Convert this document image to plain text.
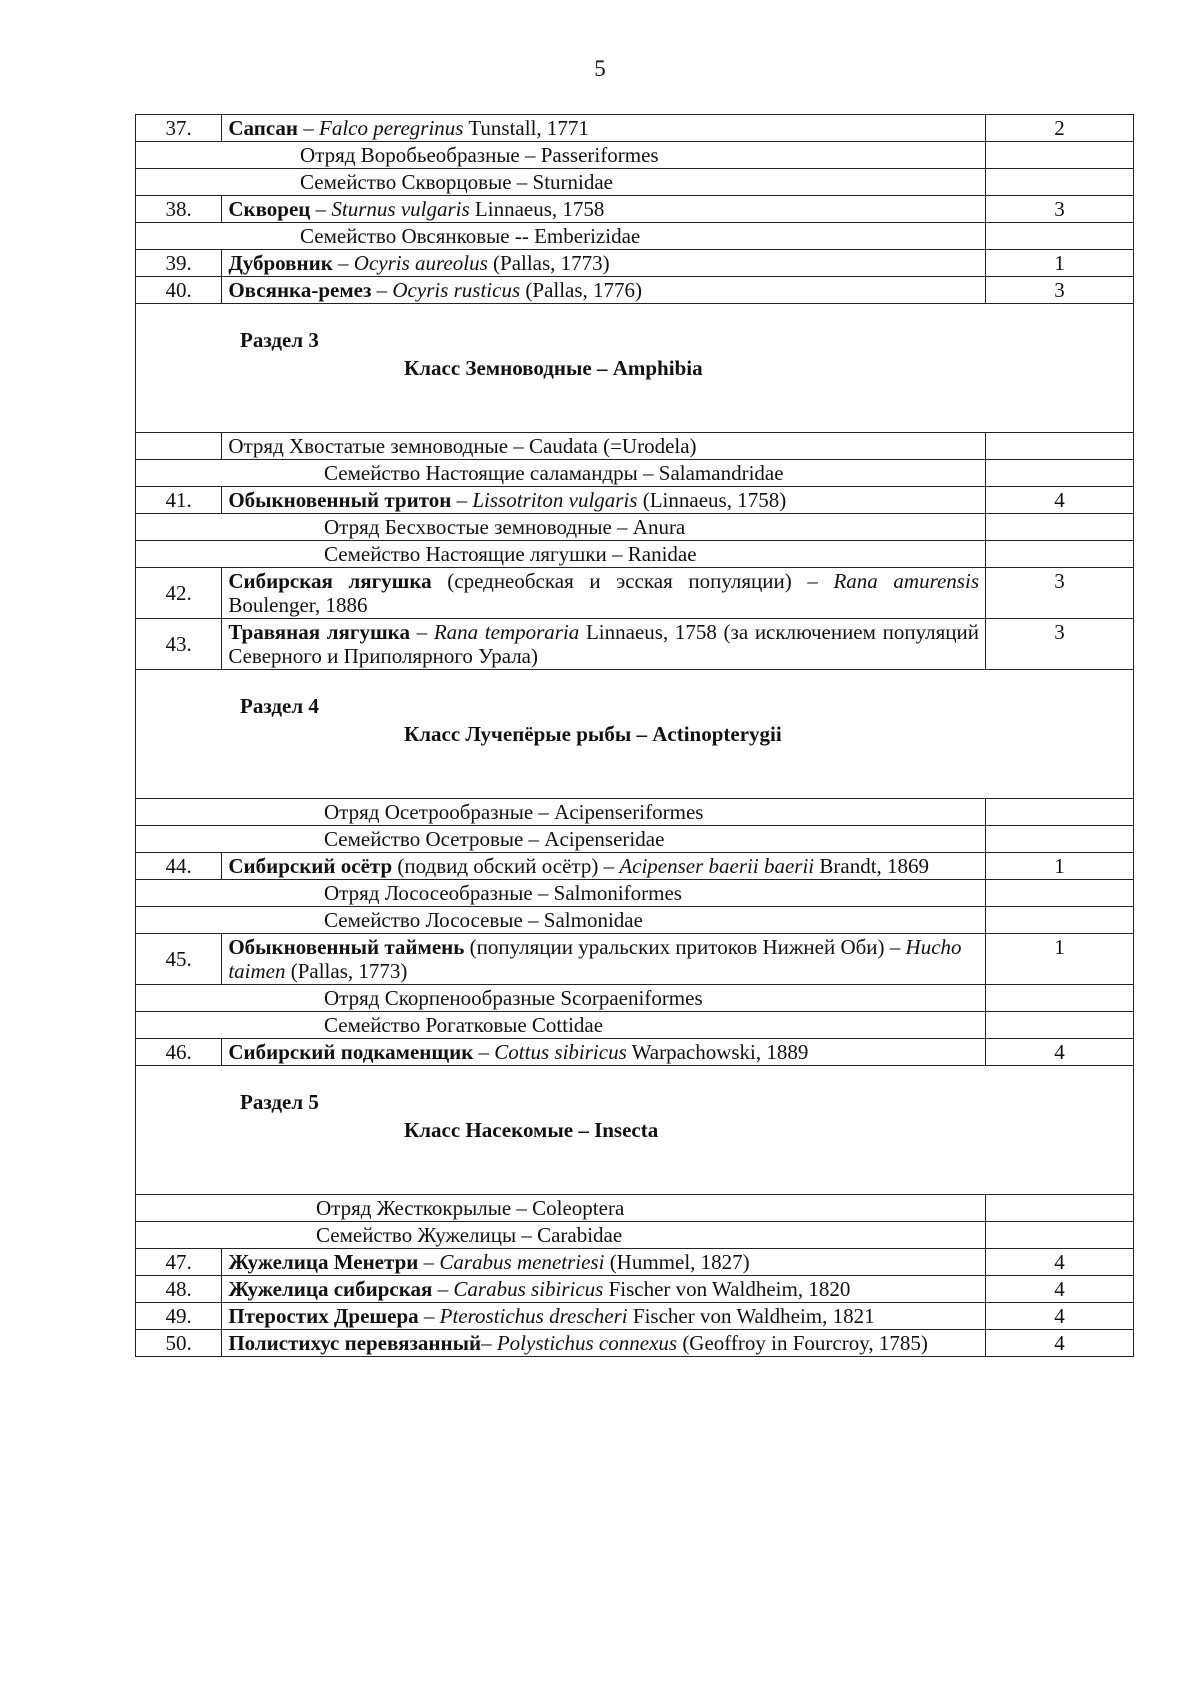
5
37.	Сапсан – Falco peregrinus Tunstall, 1771	2
Отряд Воробьеобразные – Passeriformes		
Семейство Скворцовые – Sturnidae		
38.	Скворец – Sturnus vulgaris Linnaeus, 1758	3
Семейство Овсянковые -- Emberizidae		
39.	Дубровник – Ocyris aureolus (Pallas, 1773)	1
40.	Овсянка-ремез – Ocyris rusticus (Pallas, 1776)	3

Раздел 3
Класс Земноводные – Amphibia		

	Отряд Хвостатые земноводные – Caudata (=Urodela)	
Семейство Настоящие саламандры – Salamandridae		
41.	Обыкновенный тритон – Lissotriton vulgaris (Linnaeus, 1758)	4
Отряд Бесхвостые земноводные – Anura		
Семейство Настоящие лягушки – Ranidae		
42.	Сибирская лягушка (среднеобская и эсская популяции) – Rana amurensis Boulenger, 1886	3
43.	Травяная лягушка – Rana temporaria Linnaeus, 1758 (за исключением популяций Северного и Приполярного Урала)	3

Раздел 4
Класс Лучепёрые рыбы – Actinopterygii		

Отряд Осетрообразные – Acipenseriformes		
Семейство Осетровые – Acipenseridae		
44.	Сибирский осётр (подвид обский осётр) – Acipenser baerii baerii Brandt, 1869	1
Отряд Лососеобразные – Salmoniformes		
Семейство Лососевые – Salmonidae		
45.	Обыкновенный таймень (популяции уральских притоков Нижней Оби) – Hucho taimen (Pallas, 1773)	1
Отряд Скорпенообразные Scorpaeniformes		
Семейство Рогатковые Cottidae		
46.	Сибирский подкаменщик – Cottus sibiricus Warpachowski, 1889	4

Раздел 5
Класс Насекомые – Insecta		

Отряд Жесткокрылые – Coleoptera		
Семейство Жужелицы – Carabidae		
47.	Жужелица Менетри – Carabus menetriesi (Hummel, 1827)	4
48.	Жужелица сибирская – Carabus sibiricus Fischer von Waldheim, 1820	4
49.	Птеростих Дрешера – Pterostichus drescheri Fischer von Waldheim, 1821	4
50.	Полистихус перевязанный– Polystichus connexus (Geoffroy in Fourcroy, 1785)	4
